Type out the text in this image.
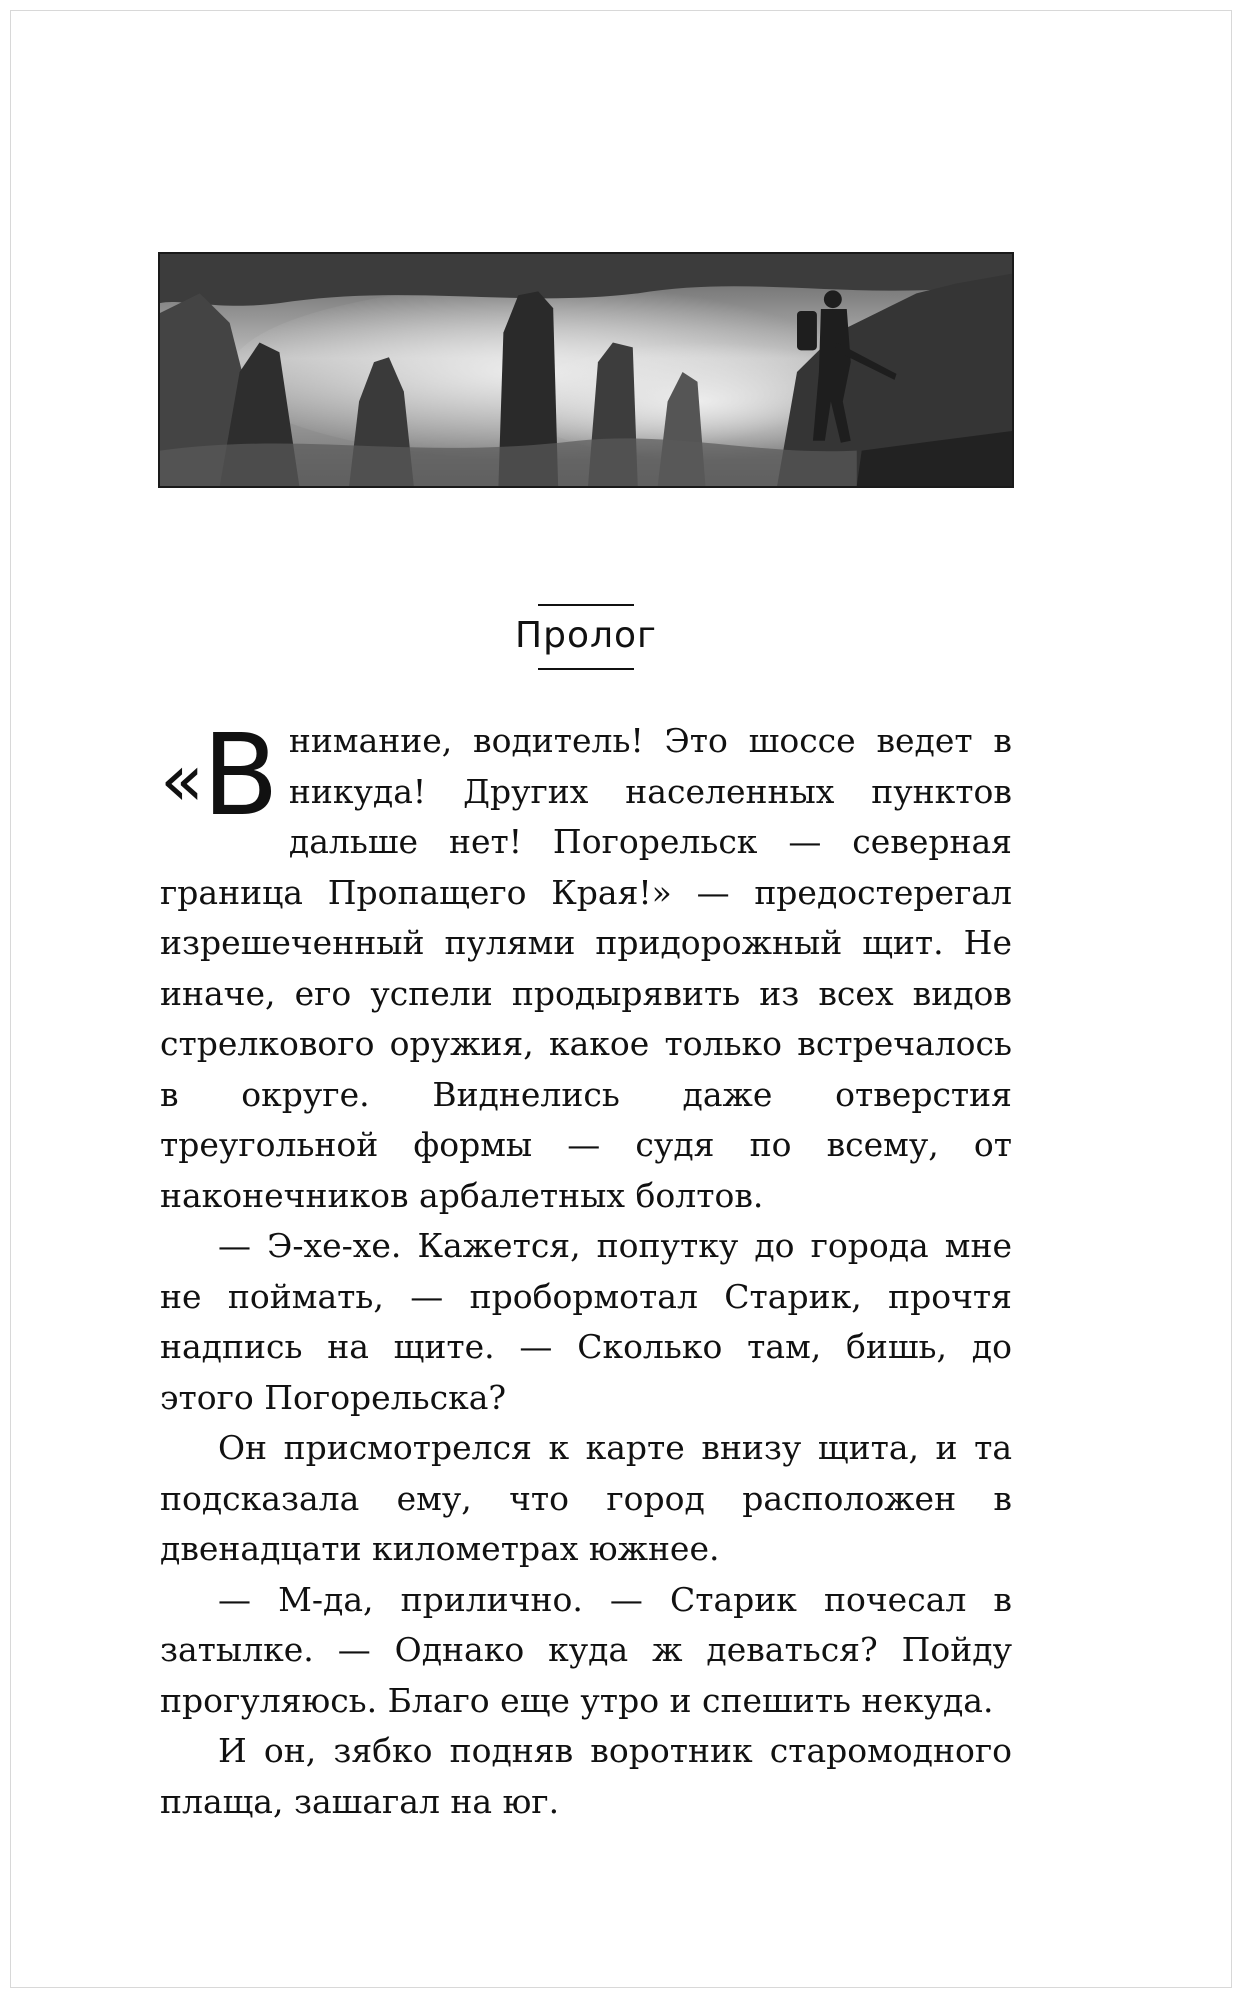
Пролог

«
В нимание, водитель! Это шоссе ведет в никуда! Других населенных пунктов дальше нет! Погорельск — северная граница Пропащего Края!» — предостерегал изрешеченный пулями придорожный щит. Не иначе, его успели продырявить из всех видов стрелкового оружия, какое только встречалось в округе. Виднелись даже отверстия треугольной формы — судя по всему, от наконечников арбалетных болтов.

— Э-хе-хе. Кажется, попутку до города мне не поймать, — пробормотал Старик, прочтя надпись на щите. — Сколько там, бишь, до этого Погорельска?

Он присмотрелся к карте внизу щита, и та подсказала ему, что город расположен в двенадцати километрах южнее.

— М-да, прилично. — Старик почесал в затылке. — Однако куда ж деваться? Пойду прогуляюсь. Благо еще утро и спешить некуда.

И он, зябко подняв воротник старомодного плаща, зашагал на юг.
